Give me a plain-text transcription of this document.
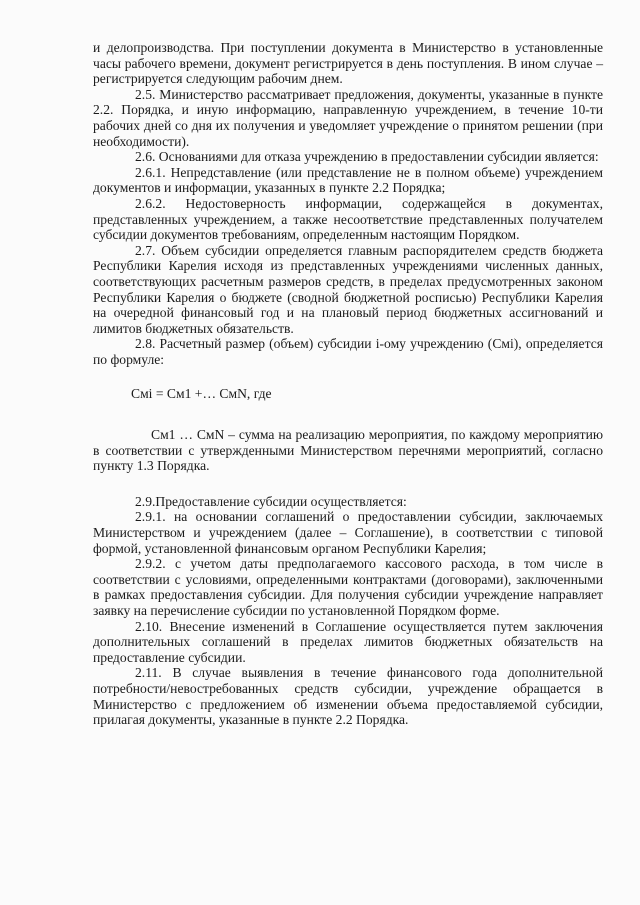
и делопроизводства. При поступлении документа в Министерство в установленные часы рабочего времени, документ регистрируется в день поступления. В ином случае – регистрируется следующим рабочим днем.

2.5. Министерство рассматривает предложения, документы, указанные в пункте 2.2. Порядка, и иную информацию, направленную учреждением, в течение 10-ти рабочих дней со дня их получения и уведомляет учреждение о принятом решении (при необходимости).

2.6. Основаниями для отказа учреждению в предоставлении субсидии является:

2.6.1. Непредставление (или представление не в полном объеме) учреждением документов и информации, указанных в пункте 2.2 Порядка;

2.6.2. Недостоверность информации, содержащейся в документах, представленных учреждением, а также несоответствие представленных получателем субсидии документов требованиям, определенным настоящим Порядком.

2.7. Объем субсидии определяется главным распорядителем средств бюджета Республики Карелия исходя из представленных учреждениями численных данных, соответствующих расчетным размеров средств, в пределах предусмотренных законом Республики Карелия о бюджете (сводной бюджетной росписью) Республики Карелия на очередной финансовый год и на плановый период бюджетных ассигнований и лимитов бюджетных обязательств.

2.8. Расчетный размер (объем) субсидии i-ому учреждению (Смi), определяется по формуле:

Смi = См1 +… СмN, где

См1 … СмN – сумма на реализацию мероприятия, по каждому мероприятию в соответствии с утвержденными Министерством перечнями мероприятий, согласно пункту 1.3 Порядка.

2.9.Предоставление субсидии осуществляется:

2.9.1. на основании соглашений о предоставлении субсидии, заключаемых Министерством и учреждением (далее – Соглашение), в соответствии с типовой формой, установленной финансовым органом Республики Карелия;

2.9.2. с учетом даты предполагаемого кассового расхода, в том числе в соответствии с условиями, определенными контрактами (договорами), заключенными в рамках предоставления субсидии. Для получения субсидии учреждение направляет заявку на перечисление субсидии по установленной Порядком форме.

2.10. Внесение изменений в Соглашение осуществляется путем заключения дополнительных соглашений в пределах лимитов бюджетных обязательств на предоставление субсидии.

2.11. В случае выявления в течение финансового года дополнительной потребности/невостребованных средств субсидии, учреждение обращается в Министерство с предложением об изменении объема предоставляемой субсидии, прилагая документы, указанные в пункте 2.2 Порядка.
